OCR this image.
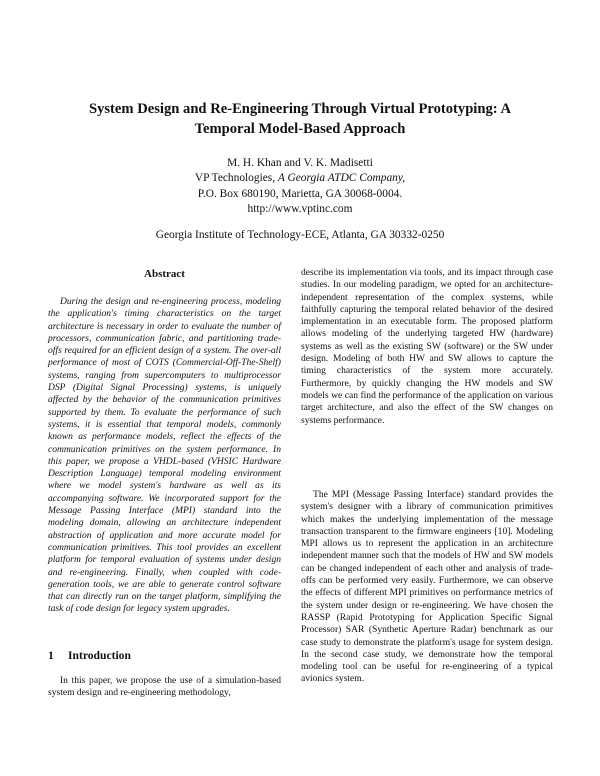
System Design and Re-Engineering Through Virtual Prototyping: A
Temporal Model-Based Approach
M. H. Khan and V. K. Madisetti
VP Technologies, A Georgia ATDC Company,
P.O. Box 680190, Marietta, GA 30068-0004.
http://www.vptinc.com
Georgia Institute of Technology-ECE, Atlanta, GA 30332-0250
Abstract
During the design and re-engineering process, modeling the application's timing characteristics on the target architecture is necessary in order to evaluate the number of processors, communication fabric, and partitioning trade-offs required for an efficient design of a system. The over-all performance of most of COTS (Commercial-Off-The-Shelf) systems, ranging from supercomputers to multiprocessor DSP (Digital Signal Processing) systems, is uniquely affected by the behavior of the communication primitives supported by them. To evaluate the performance of such systems, it is essential that temporal models, commonly known as performance models, reflect the effects of the communication primitives on the system performance. In this paper, we propose a VHDL-based (VHSIC Hardware Description Language) temporal modeling environment where we model system's hardware as well as its accompanying software. We incorporated support for the Message Passing Interface (MPI) standard into the modeling domain, allowing an architecture independent abstraction of application and more accurate model for communication primitives. This tool provides an excellent platform for temporal evaluation of systems under design and re-engineering. Finally, when coupled with code-generation tools, we are able to generate control software that can directly run on the target platform, simplifying the task of code design for legacy system upgrades.
1 Introduction
In this paper, we propose the use of a simulation-based system design and re-engineering methodology,
describe its implementation via tools, and its impact through case studies. In our modeling paradigm, we opted for an architecture-independent representation of the complex systems, while faithfully capturing the temporal related behavior of the desired implementation in an executable form. The proposed platform allows modeling of the underlying targeted HW (hardware) systems as well as the existing SW (software) or the SW under design. Modeling of both HW and SW allows to capture the timing characteristics of the system more accurately. Furthermore, by quickly changing the HW models and SW models we can find the performance of the application on various target architecture, and also the effect of the SW changes on systems performance.
The MPI (Message Passing Interface) standard provides the system's designer with a library of communication primitives which makes the underlying implementation of the message transaction transparent to the firmware engineers [10]. Modeling MPI allows us to represent the application in an architecture independent manner such that the models of HW and SW models can be changed independent of each other and analysis of trade-offs can be performed very easily. Furthermore, we can observe the effects of different MPI primitives on performance metrics of the system under design or re-engineering. We have chosen the RASSP (Rapid Prototyping for Application Specific Signal Processor) SAR (Synthetic Aperture Radar) benchmark as our case study to demonstrate the platform's usage for system design. In the second case study, we demonstrate how the temporal modeling tool can be useful for re-engineering of a typical avionics system.
